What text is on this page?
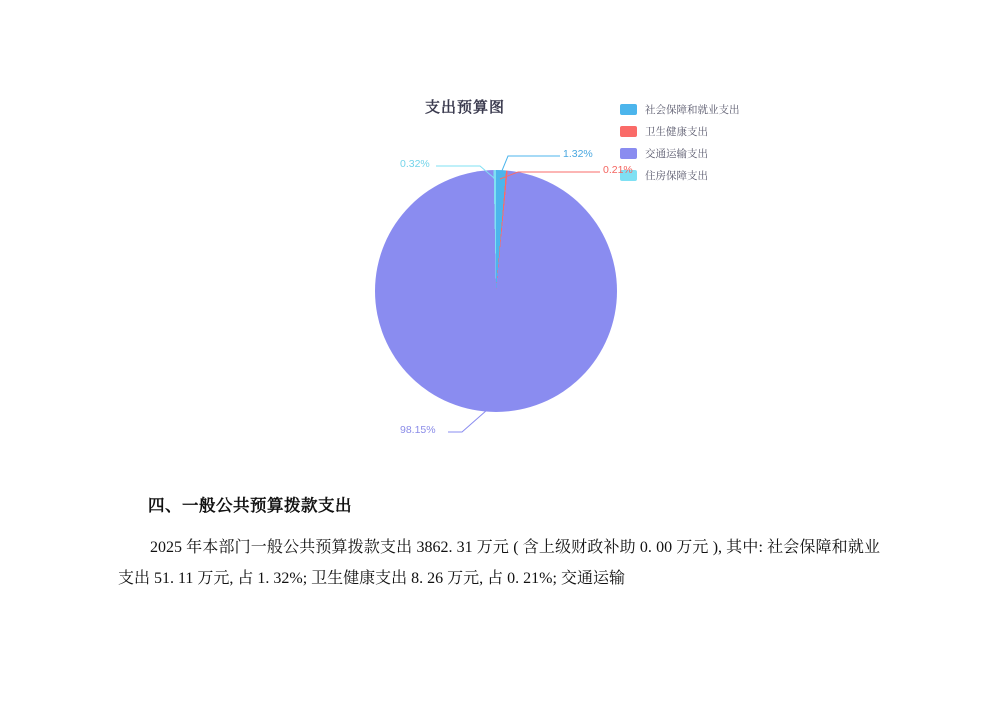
支出预算图	社会保障和就业支出
卫生健康支出
交通运输支出
住房保障支出
1.32%
0.21%
98.15%
0.32%
四、一般公共预算拨款支出

2025 年本部门一般公共预算拨款支出 3862. 31 万元 ( 含上级财政补助 0. 00 万元 ), 其中: 社会保障和就业支出 51. 11 万元, 占 1. 32%; 卫生健康支出 8. 26 万元, 占 0. 21%; 交通运输
